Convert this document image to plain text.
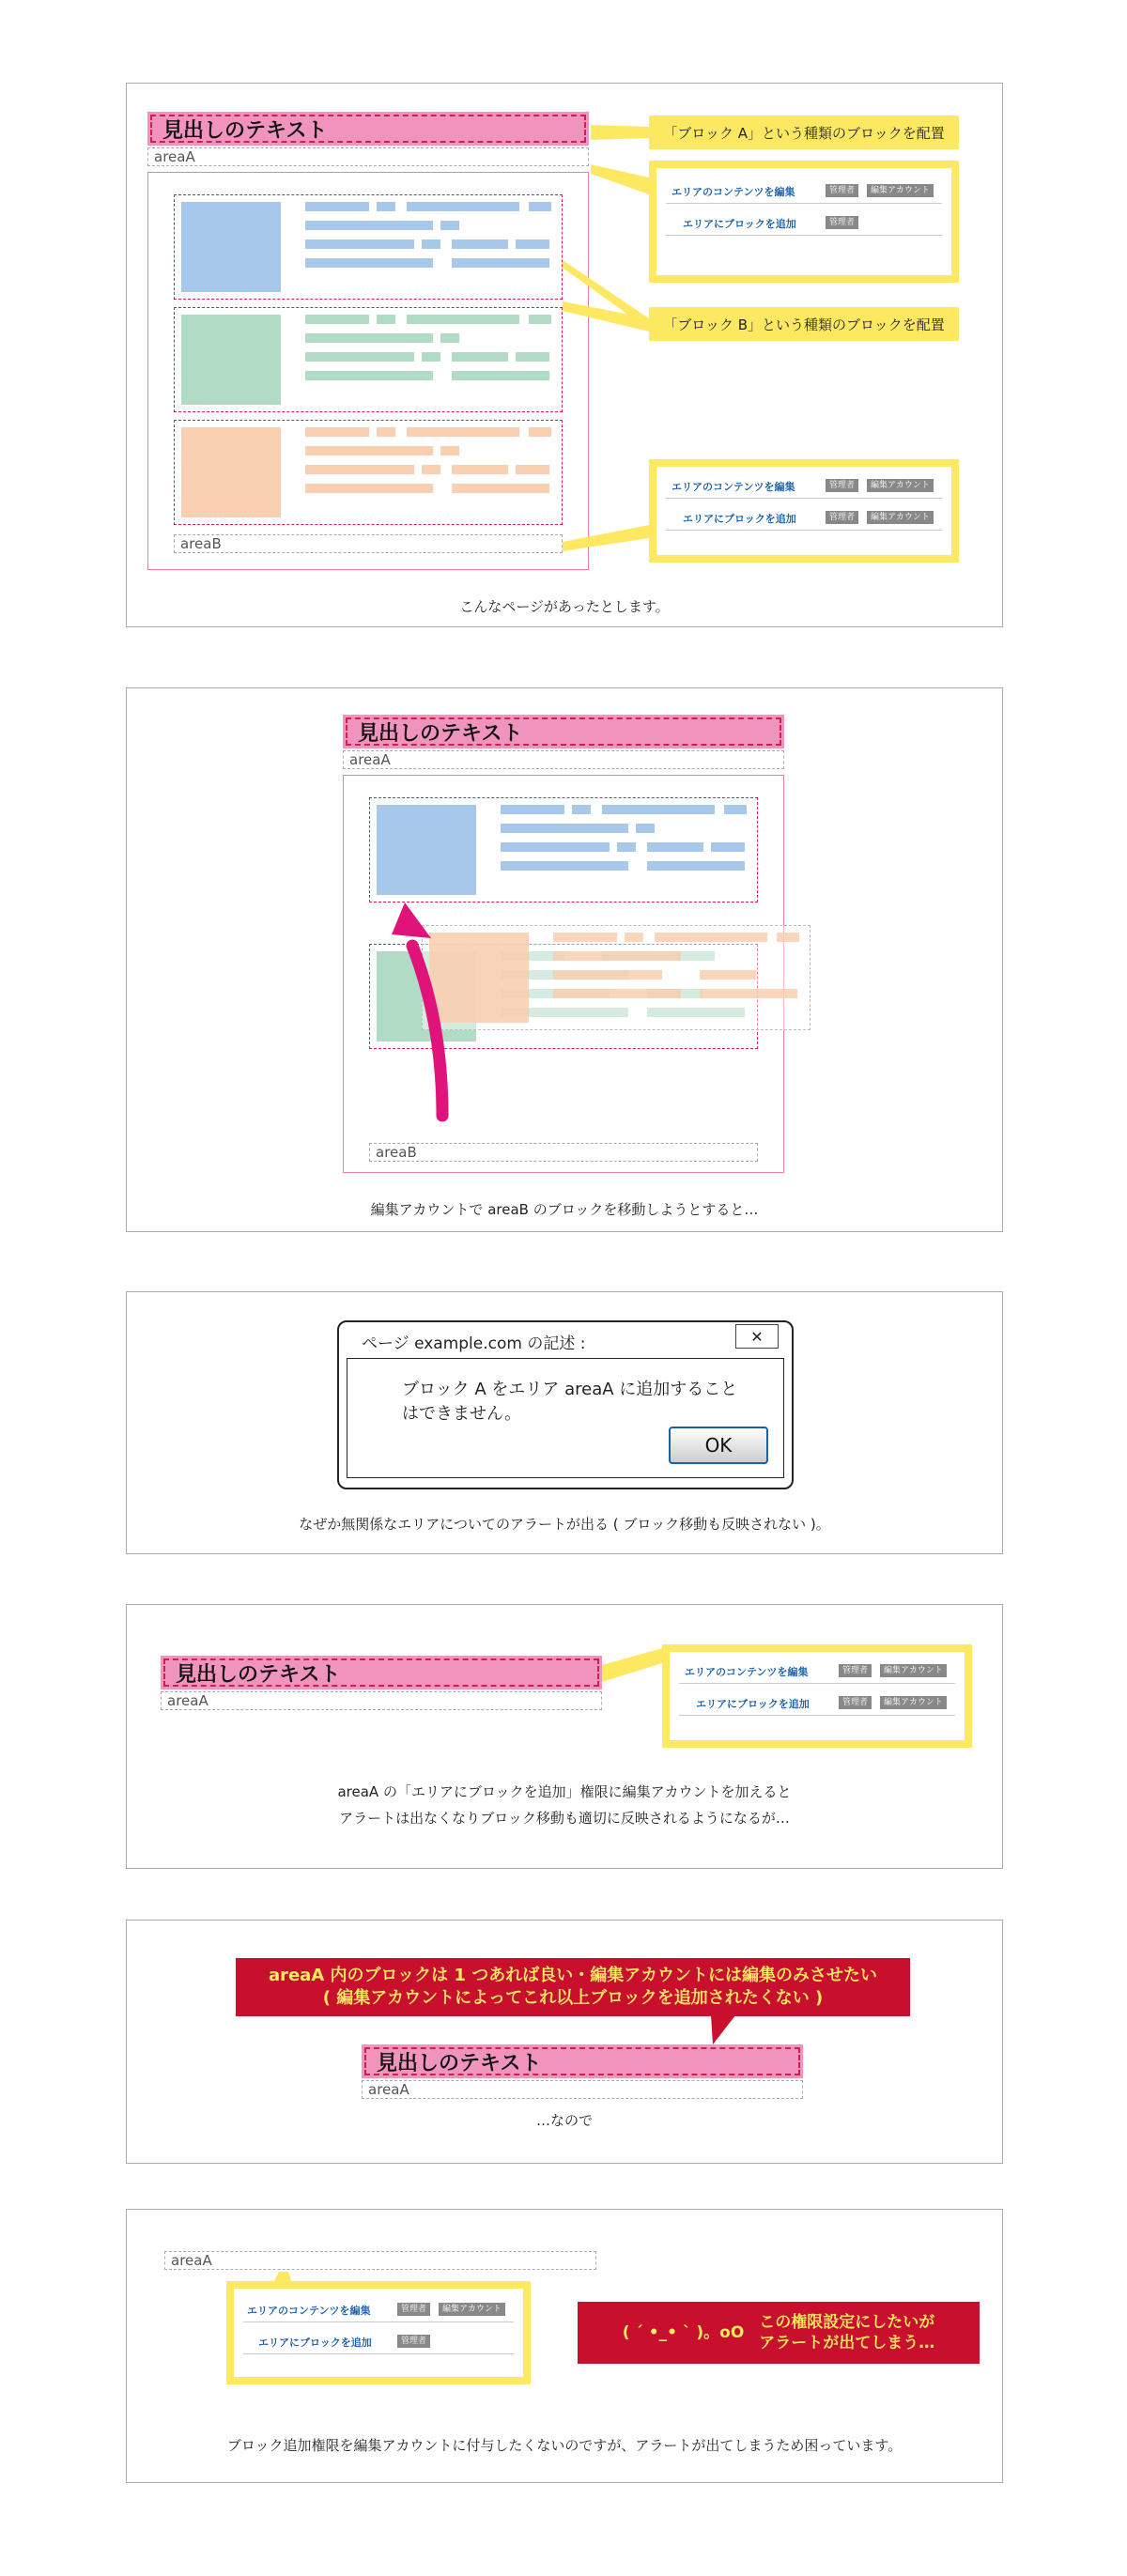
見出しのテキスト
areaA
areaB
「ブロック A」という種類のブロックを配置
エリアのコンテンツを編集	管理者	編集アカウント
エリアにブロックを追加	管理者
「ブロック B」という種類のブロックを配置
エリアのコンテンツを編集	管理者	編集アカウント
エリアにブロックを追加	管理者	編集アカウント
こんなページがあったとします。
見出しのテキスト
areaA
areaB
編集アカウントで areaB のブロックを移動しようとすると…
ページ example.com の記述 :	✕
ブロック A をエリア areaA に追加すること
はできません。
OK
なぜか無関係なエリアについてのアラートが出る ( ブロック移動も反映されない )。
見出しのテキスト
areaA
エリアのコンテンツを編集	管理者	編集アカウント
エリアにブロックを追加	管理者	編集アカウント
areaA の「エリアにブロックを追加」権限に編集アカウントを加えると
アラートは出なくなりブロック移動も適切に反映されるようになるが…
areaA 内のブロックは 1 つあれば良い・編集アカウントには編集のみさせたい
( 編集アカウントによってこれ以上ブロックを追加されたくない )
見出しのテキスト
areaA
…なので
areaA
エリアのコンテンツを編集	管理者	編集アカウント
エリアにブロックを追加	管理者	( ´ •_• ` )。oO
この権限設定にしたいが
アラートが出てしまう…
ブロック追加権限を編集アカウントに付与したくないのですが、アラートが出てしまうため困っています。
